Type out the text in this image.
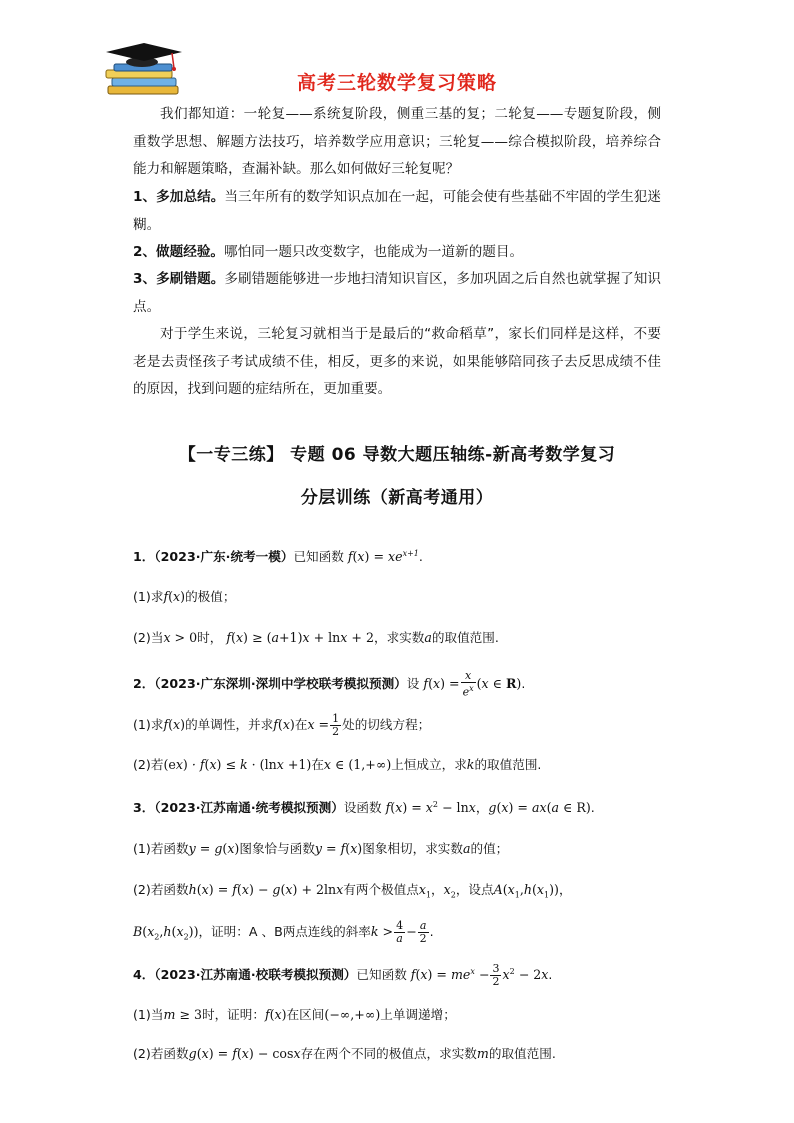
高考三轮数学复习策略

我们都知道：一轮复——系统复阶段，侧重三基的复；二轮复——专题复阶段，侧重数学思想、解题方法技巧，培养数学应用意识；三轮复——综合模拟阶段，培养综合能力和解题策略，查漏补缺。那么如何做好三轮复呢？

1、多加总结。当三年所有的数学知识点加在一起，可能会使有些基础不牢固的学生犯迷糊。

2、做题经验。哪怕同一题只改变数字，也能成为一道新的题目。

3、多刷错题。多刷错题能够进一步地扫清知识盲区，多加巩固之后自然也就掌握了知识点。

对于学生来说，三轮复习就相当于是最后的“救命稻草”，家长们同样是这样，不要老是去责怪孩子考试成绩不佳，相反，更多的来说，如果能够陪同孩子去反思成绩不佳的原因，找到问题的症结所在，更加重要。

【一专三练】 专题 06 导数大题压轴练-新高考数学复习
分层训练（新高考通用）
1．（2023·广东·统考一模）已知函数 $f(x) = xe^{x+1}$.
(1)求f(x)的极值；
(2)当x > 0时， f(x) ≥ (a+1)x + lnx + 2，求实数a的取值范围.
2．（2023·广东深圳·深圳中学校联考模拟预测）设 $f(x) = \frac{x}{e^x} (x$ ∈ R).
(1)求f(x)的单调性，并求f(x)在$x = \frac{1}{2}$ 处的切线方程；
(2)若(ex) · f(x) ≤ k · (lnx +1)在x ∈ (1,+∞)上恒成立，求k的取值范围.
3．（2023·江苏南通·统考模拟预测）设函数 $f(x) = x^2 - \ln x$，g(x) = ax(a ∈ R).
(1)若函数y = g(x)图象恰与函数y = f(x)图象相切，求实数a的值；
(2)若函数h(x) = f(x) − g(x) + 2lnx有两个极值点$x_1$，$x_2$，设点$A(x_1,h(x_1))$，
$B(x_2,h(x_2))$，证明：A 、B两点连线的斜率$k > \frac{4}{a} - \frac{a}{2}$ .
4．（2023·江苏南通·校联考模拟预测）已知函数 $f(x) = me^x - \frac{3}{2} x^2 - 2x$.
(1)当m ≥ 3时，证明：f(x)在区间(−∞,+∞)上单调递增；
(2)若函数g(x) = f(x) − cosx存在两个不同的极值点，求实数m的取值范围.
